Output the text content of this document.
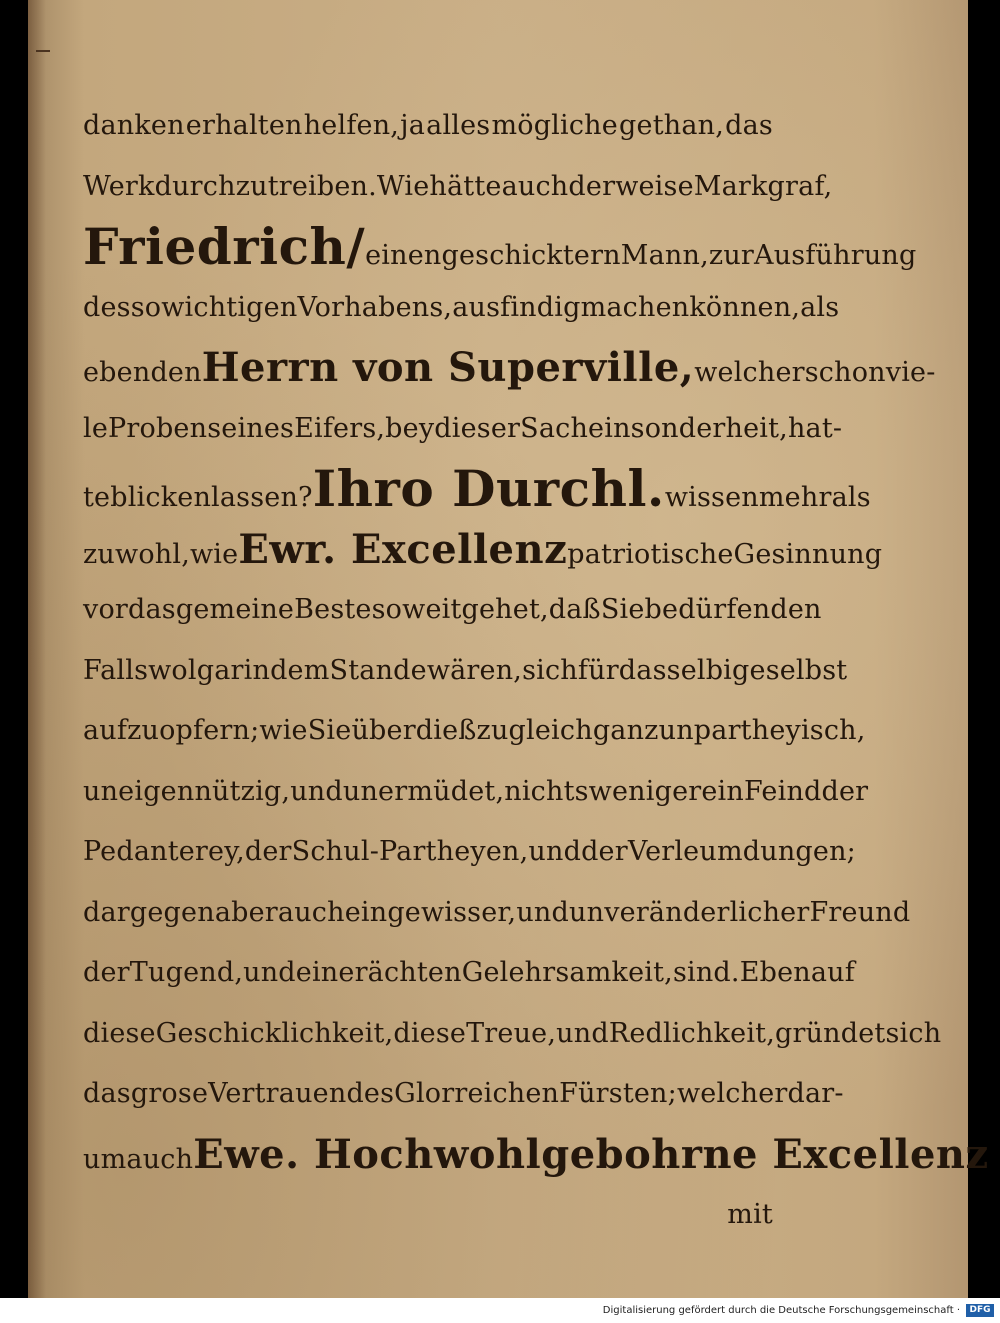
danken erhalten helfen, ja alles mögliche gethan, das
Werk durchzutreiben. Wie hätte auch der weise Markgraf,
Friedrich/ einen geschicktern Mann, zur Ausführung
des so wichtigen Vorhabens, ausfindig machen können, als
eben den Herrn von Superville, welcher schon vie-
le Proben seines Eifers, bey dieser Sache insonderheit, hat-
te blicken lassen? Ihro Durchl. wissen mehr als
zu wohl, wie Ewr. Excellenz patriotische Gesinnung
vor das gemeine Beste so weit gehet, daß Sie bedürfenden
Falls wol gar in dem Stande wären, sich für dasselbige selbst
aufzuopfern; wie Sie überdieß zugleich ganz unpartheyisch,
uneigennützig, und unermüdet, nichtsweniger ein Feind der
Pedanterey, der Schul-Partheyen, und der Verleumdungen;
dargegen aber auch ein gewisser, und unveränderlicher Freund
der Tugend, und einer ächten Gelehrsamkeit, sind. Eben auf
diese Geschicklichkeit, diese Treue, und Redlichkeit, gründet sich
das grose Vertrauen des Glorreichen Fürsten; welcher dar-
um auch Ewe. Hochwohlgebohrne Excellenz
mit
Digitalisierung gefördert durch die Deutsche Forschungsgemeinschaft ·	DFG
